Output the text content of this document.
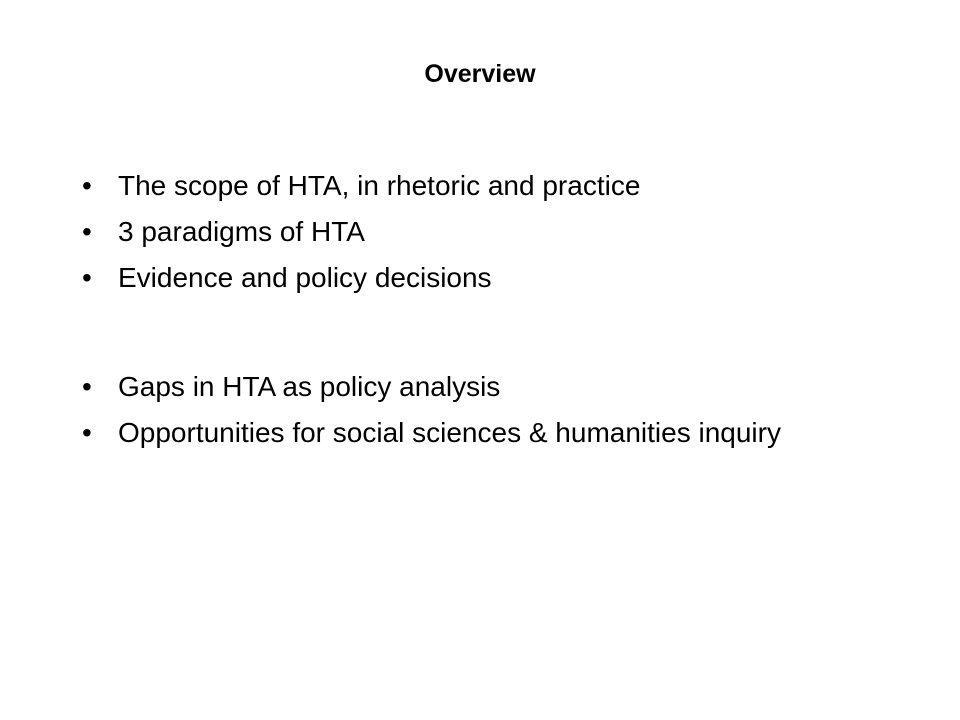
Overview
• The scope of HTA, in rhetoric and practice
• 3 paradigms of HTA
• Evidence and policy decisions
• Gaps in HTA as policy analysis
• Opportunities for social sciences & humanities inquiry
